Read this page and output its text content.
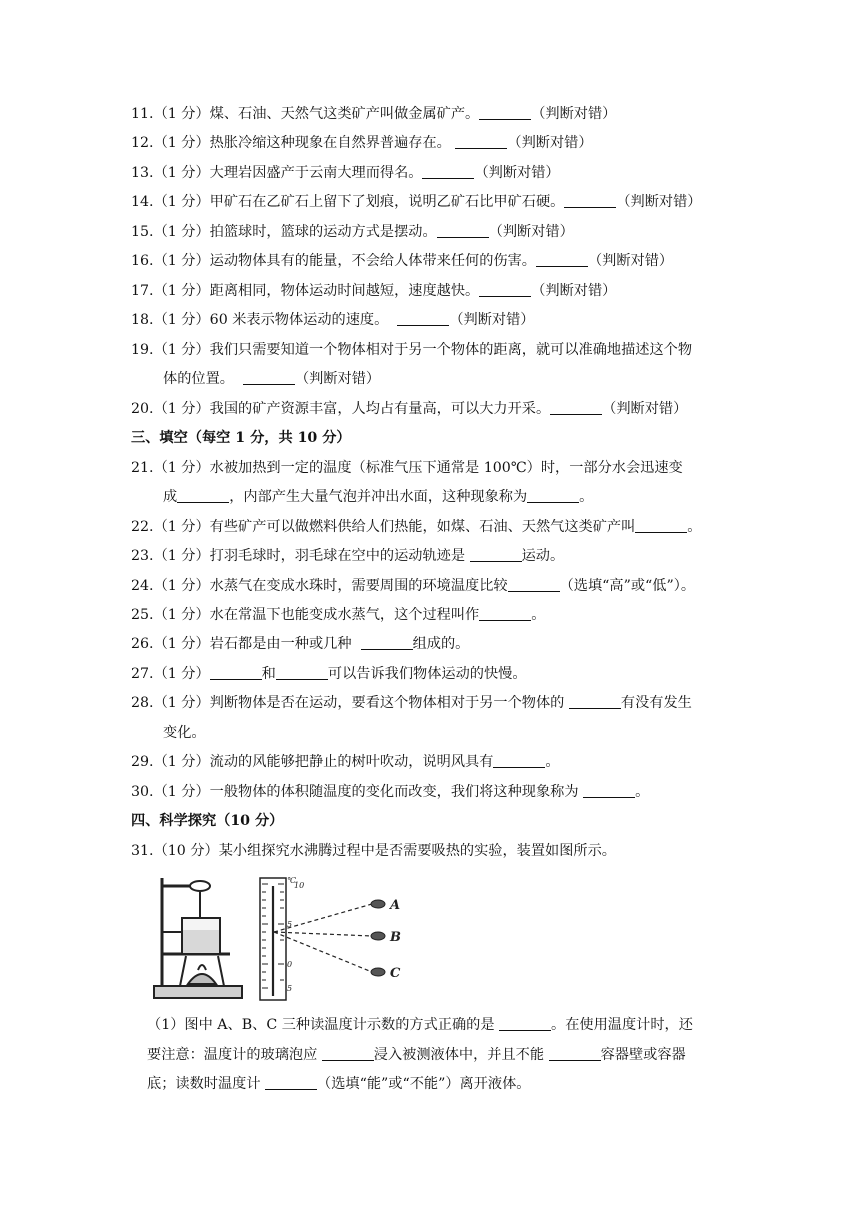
11.（1 分）煤、石油、天然气这类矿产叫做金属矿产。	（判断对错）
12.（1 分）热胀冷缩这种现象在自然界普遍存在。	（判断对错）
13.（1 分）大理岩因盛产于云南大理而得名。	（判断对错）
14.（1 分）甲矿石在乙矿石上留下了划痕，说明乙矿石比甲矿石硬。	（判断对错）
15.（1 分）拍篮球时，篮球的运动方式是摆动。	（判断对错）
16.（1 分）运动物体具有的能量，不会给人体带来任何的伤害。	（判断对错）
17.（1 分）距离相同，物体运动时间越短，速度越快。	（判断对错）
18.（1 分）60 米表示物体运动的速度。	（判断对错）
19.（1 分）我们只需要知道一个物体相对于另一个物体的距离，就可以准确地描述这个物
体的位置。	（判断对错）
20.（1 分）我国的矿产资源丰富，人均占有量高，可以大力开采。	（判断对错）
三、填空（每空 1 分，共 10 分）
21.（1 分）水被加热到一定的温度（标准气压下通常是 100℃）时，一部分水会迅速变
成	，内部产生大量气泡并冲出水面，这种现象称为	。
22.（1 分）有些矿产可以做燃料供给人们热能，如煤、石油、天然气这类矿产叫	。
23.（1 分）打羽毛球时，羽毛球在空中的运动轨迹是	运动。
24.（1 分）水蒸气在变成水珠时，需要周围的环境温度比较	（选填“高”或“低”）。
25.（1 分）水在常温下也能变成水蒸气，这个过程叫作	。
26.（1 分）岩石都是由一种或几种	组成的。
27.（1 分）	和	可以告诉我们物体运动的快慢。
28.（1 分）判断物体是否在运动，要看这个物体相对于另一个物体的	有没有发生
变化。
29.（1 分）流动的风能够把静止的树叶吹动，说明风具有	。
30.（1 分）一般物体的体积随温度的变化而改变，我们将这种现象称为	。
四、科学探究（10 分）
31.（10 分）某小组探究水沸腾过程中是否需要吸热的实验，装置如图所示。
℃
10
5
0
5
A
B
C
（1）图中 A、B、C 三种读温度计示数的方式正确的是	。在使用温度计时，还
要注意：温度计的玻璃泡应	浸入被测液体中，并且不能	容器壁或容器
底；读数时温度计	（选填“能”或“不能”）离开液体。
